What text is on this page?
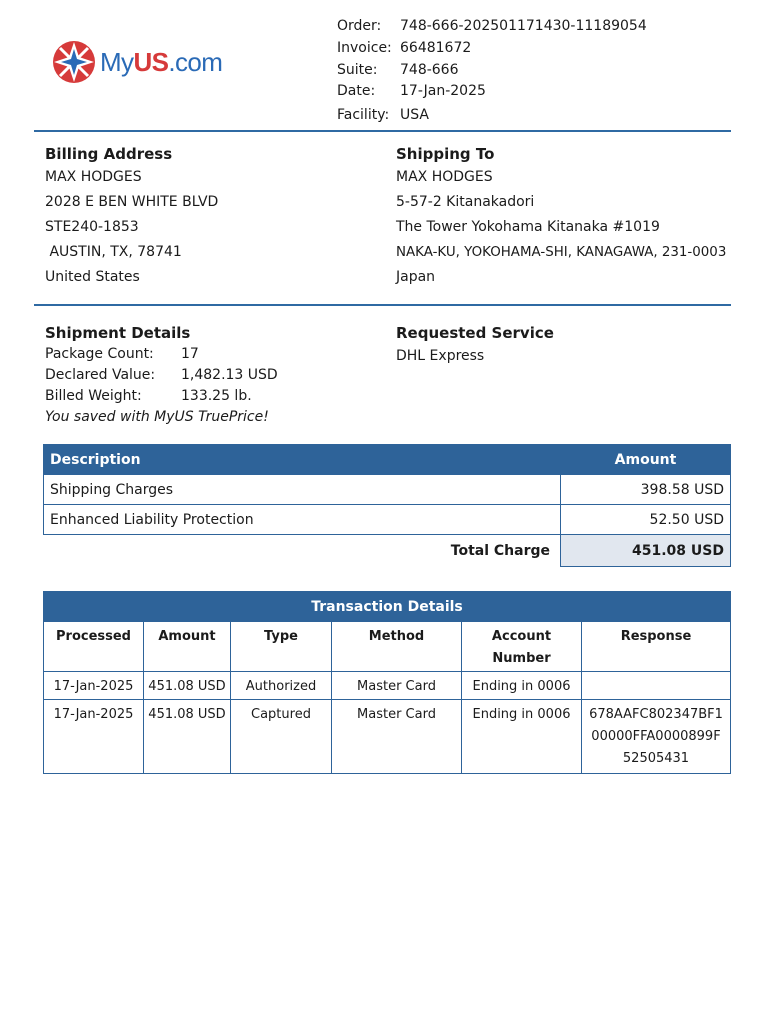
MyUS.com
Order:	748-666-202501171430-11189054
Invoice: 66481672
Suite:	748-666
Date:	17-Jan-2025
Facility: USA
Billing Address
MAX HODGES
2028 E BEN WHITE BLVD
STE240-1853
AUSTIN, TX, 78741
United States
Shipping To
MAX HODGES
5-57-2 Kitanakadori
The Tower Yokohama Kitanaka #1019
NAKA-KU, YOKOHAMA-SHI, KANAGAWA, 231-0003
Japan
Shipment Details
Package Count:	17
Declared Value:	1,482.13 USD
Billed Weight:	133.25 lb.
You saved with MyUS TruePrice!
Requested Service
DHL Express
Description	Amount
Shipping Charges	398.58 USD
Enhanced Liability Protection	52.50 USD
Total Charge	451.08 USD
Transaction Details					
Processed	Amount	Type	Method	Account Number	Response
17-Jan-2025	451.08 USD	Authorized	Master Card	Ending in 0006	
17-Jan-2025	451.08 USD	Captured	Master Card	Ending in 0006	678AAFC802347BF100000FFA0000899F52505431
